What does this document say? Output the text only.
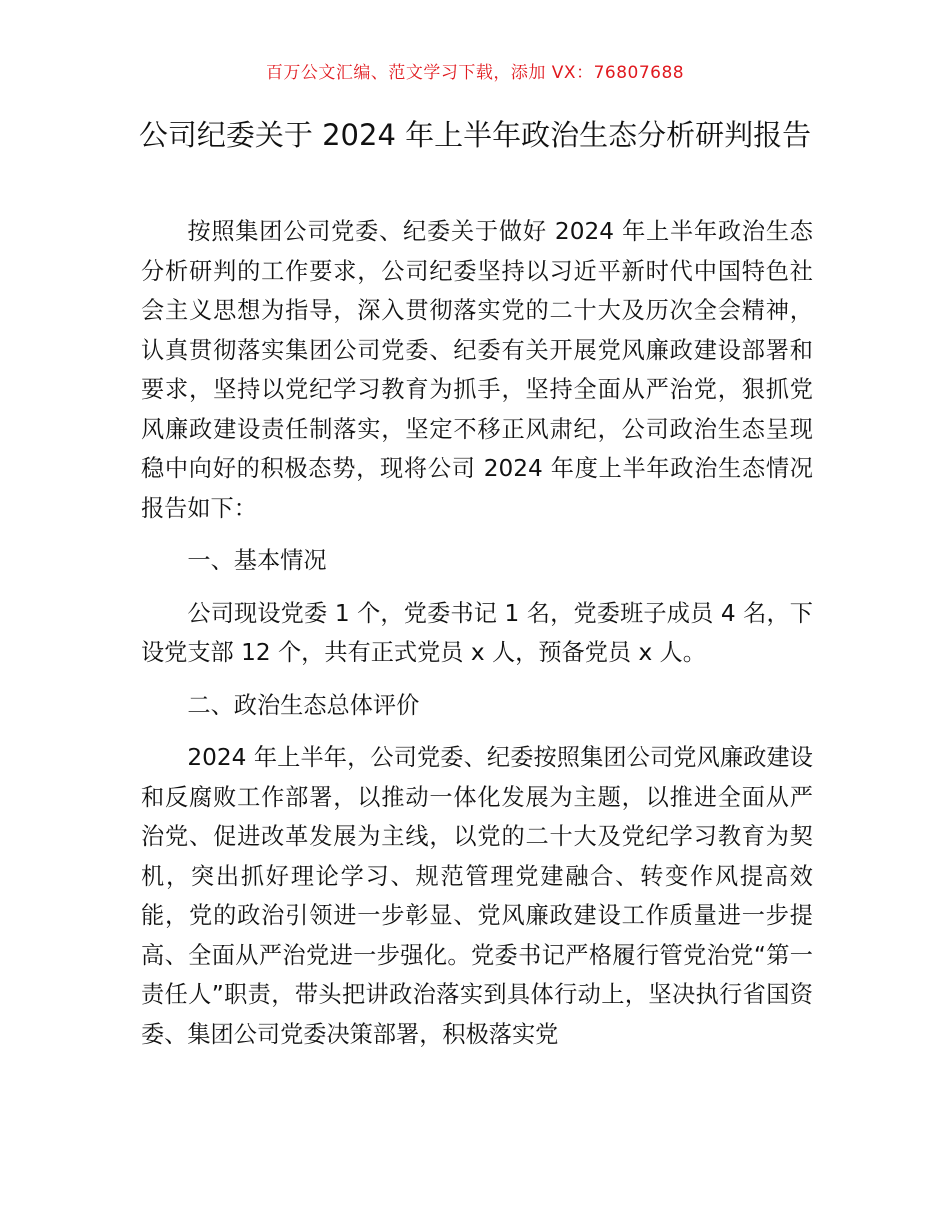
百万公文汇编、范文学习下载，添加 VX：76807688
公司纪委关于 2024 年上半年政治生态分析研判报告

按照集团公司党委、纪委关于做好 2024 年上半年政治生态分析研判的工作要求，公司纪委坚持以习近平新时代中国特色社会主义思想为指导，深入贯彻落实党的二十大及历次全会精神，认真贯彻落实集团公司党委、纪委有关开展党风廉政建设部署和要求，坚持以党纪学习教育为抓手，坚持全面从严治党，狠抓党风廉政建设责任制落实，坚定不移正风肃纪，公司政治生态呈现稳中向好的积极态势，现将公司 2024 年度上半年政治生态情况报告如下：

一、基本情况

公司现设党委 1 个，党委书记 1 名，党委班子成员 4 名，下设党支部 12 个，共有正式党员 x 人，预备党员 x 人。

二、政治生态总体评价

2024 年上半年，公司党委、纪委按照集团公司党风廉政建设和反腐败工作部署，以推动一体化发展为主题，以推进全面从严治党、促进改革发展为主线，以党的二十大及党纪学习教育为契机，突出抓好理论学习、规范管理党建融合、转变作风提高效能，党的政治引领进一步彰显、党风廉政建设工作质量进一步提高、全面从严治党进一步强化。党委书记严格履行管党治党“第一责任人”职责，带头把讲政治落实到具体行动上，坚决执行省国资委、集团公司党委决策部署，积极落实党
